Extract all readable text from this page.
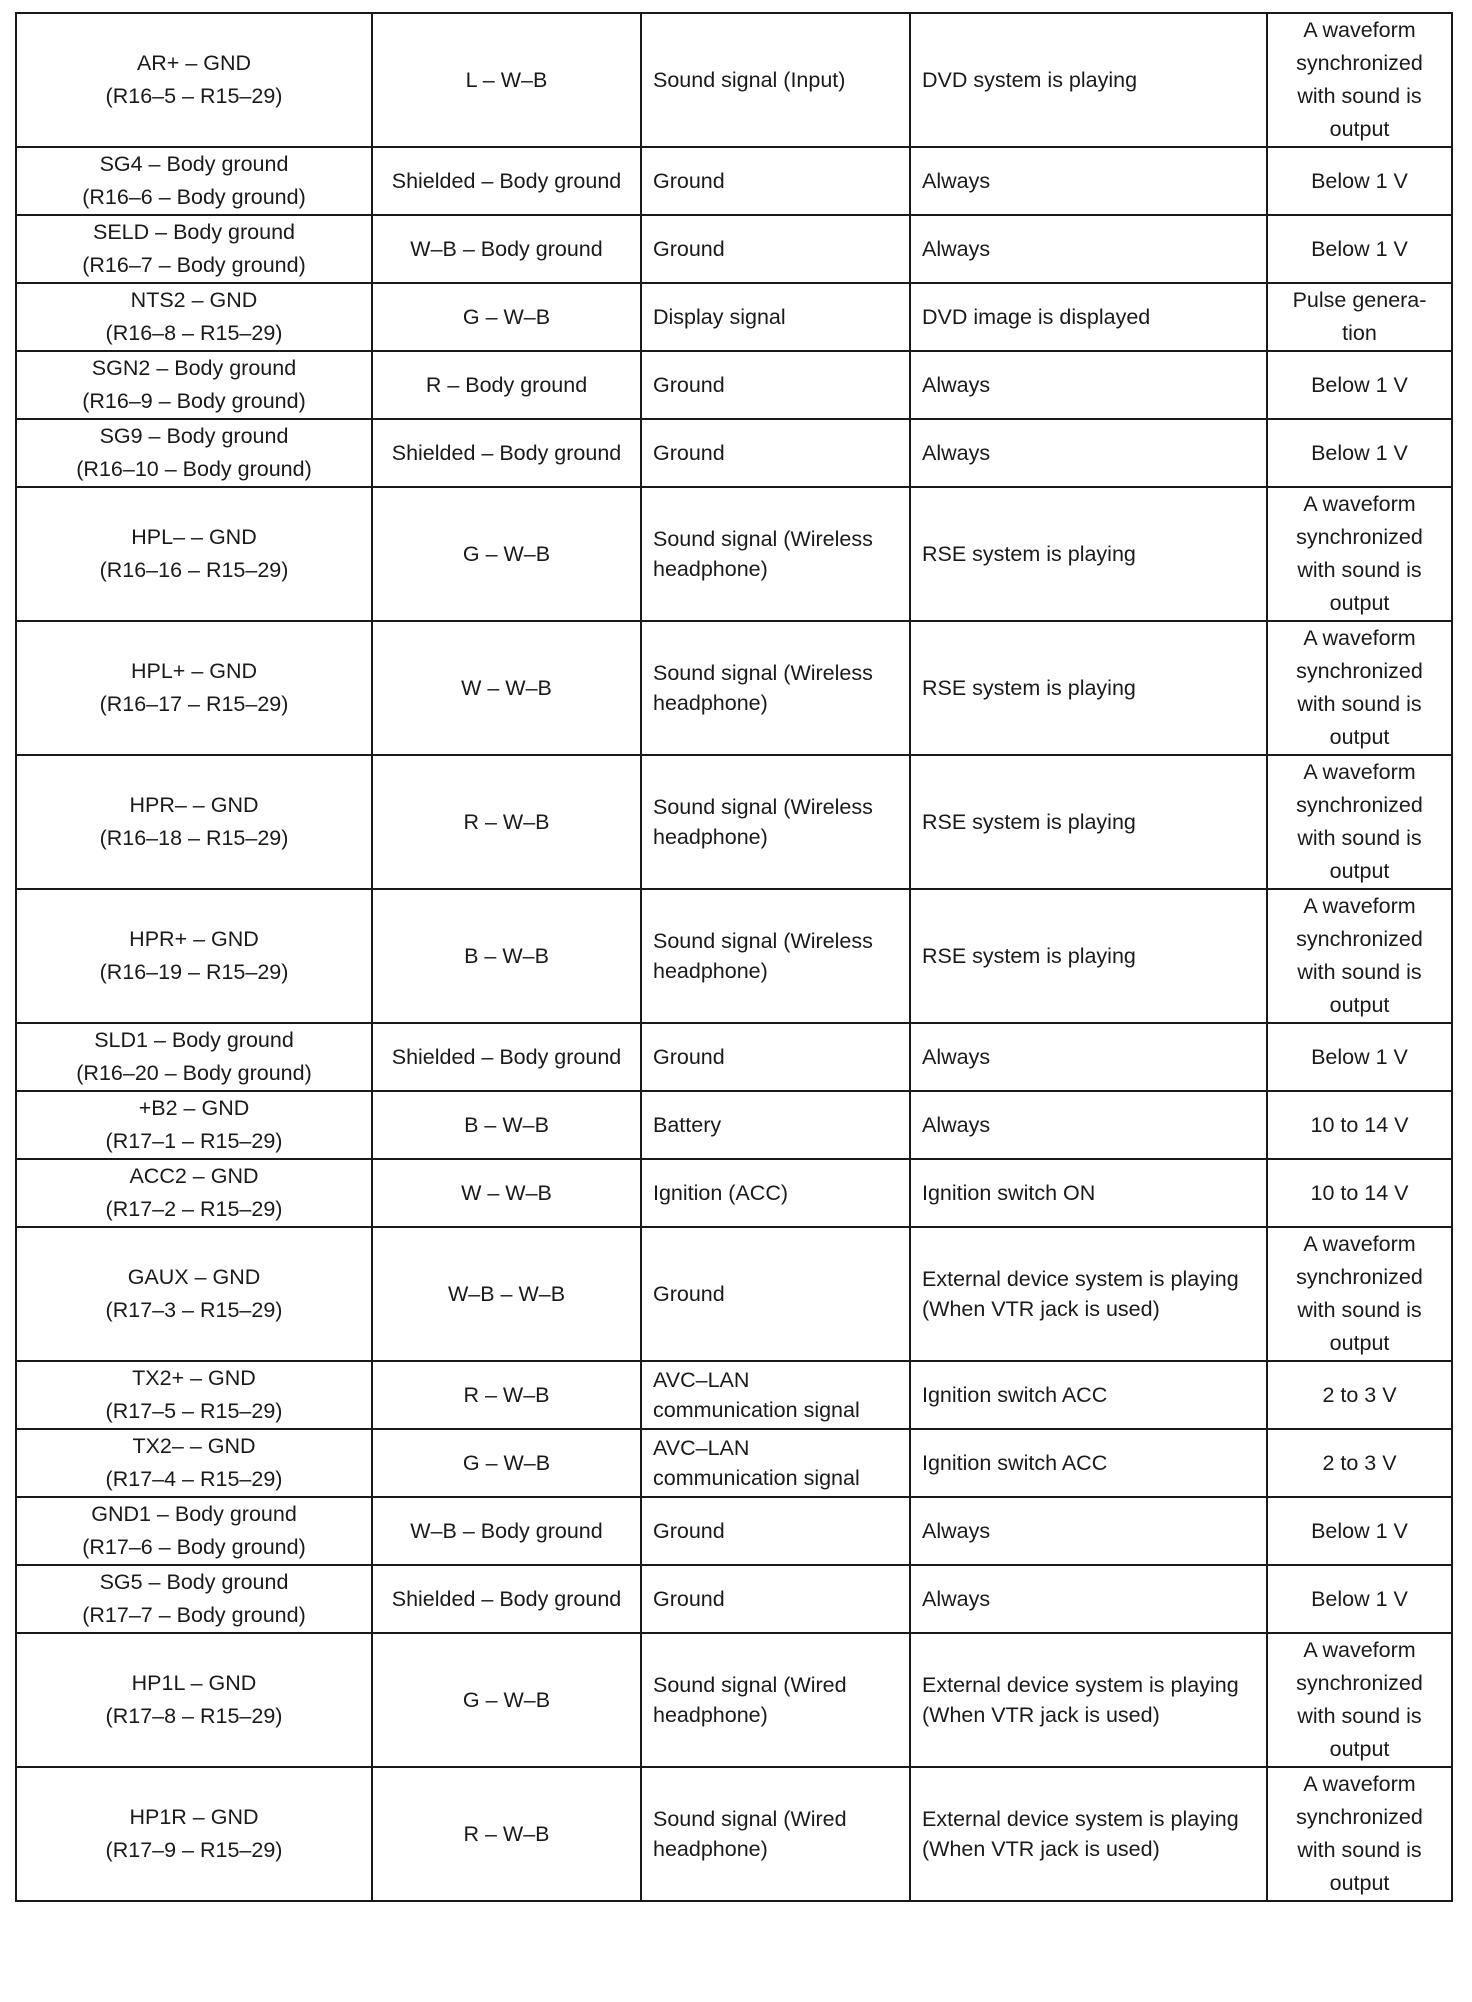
AR+ – GND
(R16–5 – R15–29)	L – W–B	Sound signal (Input)	DVD system is playing	A waveform
synchronized
with sound is
output

SG4 – Body ground
(R16–6 – Body ground)	Shielded – Body ground	Ground	Always	Below 1 V

SELD – Body ground
(R16–7 – Body ground)	W–B – Body ground	Ground	Always	Below 1 V

NTS2 – GND
(R16–8 – R15–29)	G – W–B	Display signal	DVD image is displayed	Pulse genera-
tion

SGN2 – Body ground
(R16–9 – Body ground)	R – Body ground	Ground	Always	Below 1 V

SG9 – Body ground
(R16–10 – Body ground)	Shielded – Body ground	Ground	Always	Below 1 V

HPL– – GND
(R16–16 – R15–29)	G – W–B	Sound signal (Wireless
headphone)	RSE system is playing	A waveform
synchronized
with sound is
output

HPL+ – GND
(R16–17 – R15–29)	W – W–B	Sound signal (Wireless
headphone)	RSE system is playing	A waveform
synchronized
with sound is
output

HPR– – GND
(R16–18 – R15–29)	R – W–B	Sound signal (Wireless
headphone)	RSE system is playing	A waveform
synchronized
with sound is
output

HPR+ – GND
(R16–19 – R15–29)	B – W–B	Sound signal (Wireless
headphone)	RSE system is playing	A waveform
synchronized
with sound is
output

SLD1 – Body ground
(R16–20 – Body ground)	Shielded – Body ground	Ground	Always	Below 1 V

+B2 – GND
(R17–1 – R15–29)	B – W–B	Battery	Always	10 to 14 V

ACC2 – GND
(R17–2 – R15–29)	W – W–B	Ignition (ACC)	Ignition switch ON	10 to 14 V

GAUX – GND
(R17–3 – R15–29)	W–B – W–B	Ground	External device system is playing
(When VTR jack is used)	A waveform
synchronized
with sound is
output

TX2+ – GND
(R17–5 – R15–29)	R – W–B	AVC–LAN
communication signal	Ignition switch ACC	2 to 3 V

TX2– – GND
(R17–4 – R15–29)	G – W–B	AVC–LAN
communication signal	Ignition switch ACC	2 to 3 V

GND1 – Body ground
(R17–6 – Body ground)	W–B – Body ground	Ground	Always	Below 1 V

SG5 – Body ground
(R17–7 – Body ground)	Shielded – Body ground	Ground	Always	Below 1 V

HP1L – GND
(R17–8 – R15–29)	G – W–B	Sound signal (Wired
headphone)	External device system is playing
(When VTR jack is used)	A waveform
synchronized
with sound is
output

HP1R – GND
(R17–9 – R15–29)	R – W–B	Sound signal (Wired
headphone)	External device system is playing
(When VTR jack is used)	A waveform
synchronized
with sound is
output
